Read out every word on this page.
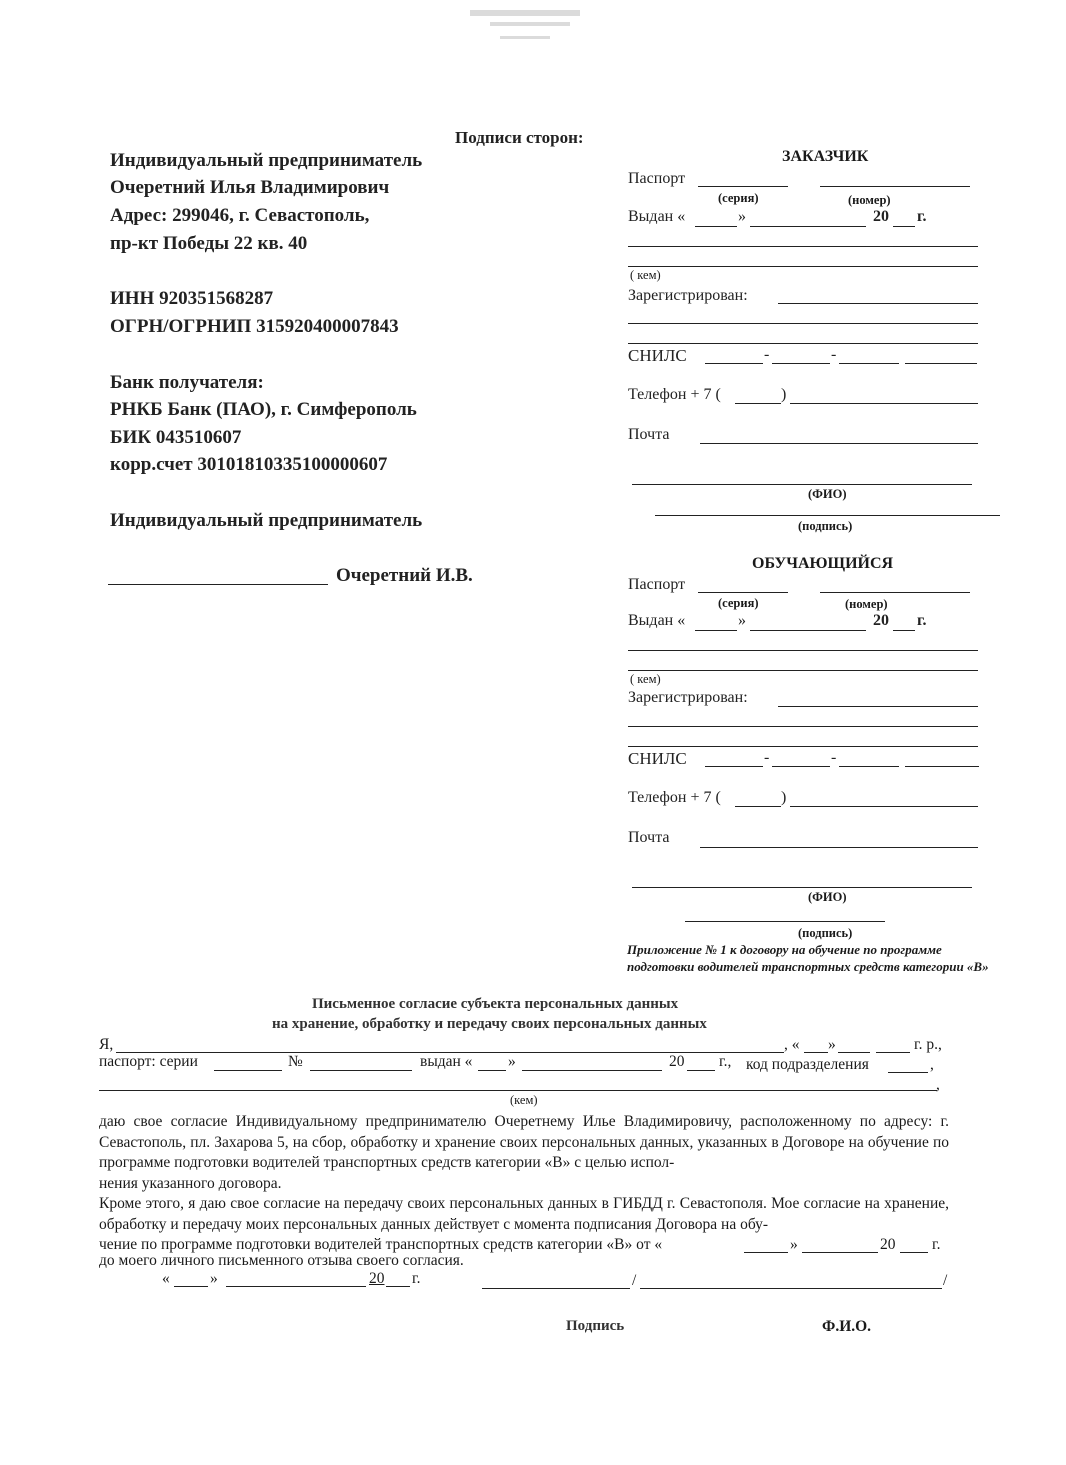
Подписи сторон:
Индивидуальный предприниматель
Очеретний Илья Владимирович
Адрес: 299046, г. Севастополь,
пр-кт Победы 22 кв. 40
ИНН 920351568287
ОГРН/ОГРНИП 315920400007843
Банк получателя:
РНКБ Банк (ПАО), г. Симферополь
БИК 043510607
корр.счет 30101810335100000607
Индивидуальный предприниматель
Очеретний И.В.
ЗАКАЗЧИК
Паспорт
(серия)	(номер)
Выдан «	»	20 г.
( кем)
Зарегистрирован:
СНИЛС	-	-
Телефон + 7 (	)
Почта
(ФИО)
(подпись)
ОБУЧАЮЩИЙСЯ
Паспорт
(серия)	(номер)
Выдан «	»	20 г.
( кем)
Зарегистрирован:
СНИЛС	-	-
Телефон + 7 (	)
Почта
(ФИО)
(подпись)
Приложение № 1 к договору на обучение по программе
подготовки водителей транспортных средств категории «В»
Письменное согласие субъекта персональных данных
на хранение, обработку и передачу своих персональных данных
Я,	, « »	г. р.,
паспорт: серии	№	выдан « »	20 г., код подразделения	,
,
(кем)
даю свое согласие Индивидуальному предпринимателю Очеретнему Илье Владимировичу, расположенному по адресу: г. Севастополь, пл. Захарова 5, на сбор, обработку и хранение своих персональных данных, указанных в Договоре на обучение по программе подготовки водителей транспортных средств категории «В» с целью испол-
нения указанного договора.
Кроме этого, я даю свое согласие на передачу своих персональных данных в ГИБДД г. Севастополя. Мое согласие на хранение, обработку и передачу моих персональных данных действует с момента подписания Договора на обу-
чение по программе подготовки водителей транспортных средств категории «В» от «	»	20 г.
до моего личного письменного отзыва своего согласия.
«	»	20 г.	/	/
Подпись	Ф.И.О.
